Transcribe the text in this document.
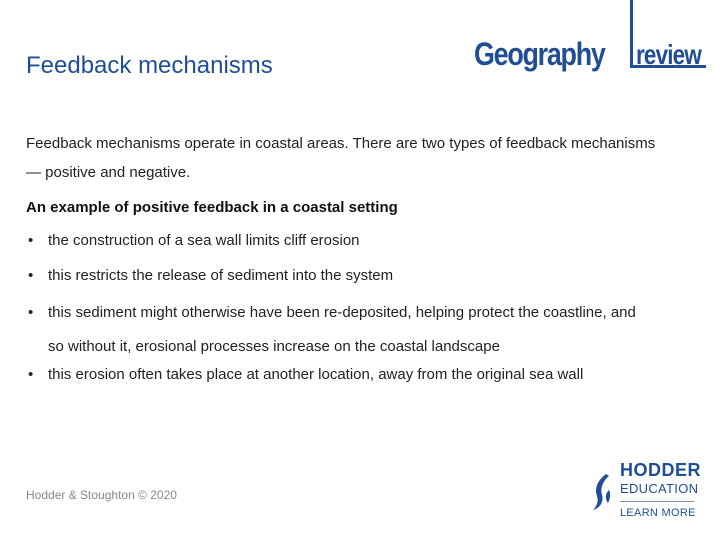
Feedback mechanisms	Geography review

Feedback mechanisms operate in coastal areas. There are two types of feedback mechanisms — positive and negative.

An example of positive feedback in a coastal setting
• the construction of a sea wall limits cliff erosion
• this restricts the release of sediment into the system
• this sediment might otherwise have been re-deposited, helping protect the coastline, and so without it, erosional processes increase on the coastal landscape
• this erosion often takes place at another location, away from the original sea wall
Hodder & Stoughton © 2020
HODDER
EDUCATION
LEARN MORE
